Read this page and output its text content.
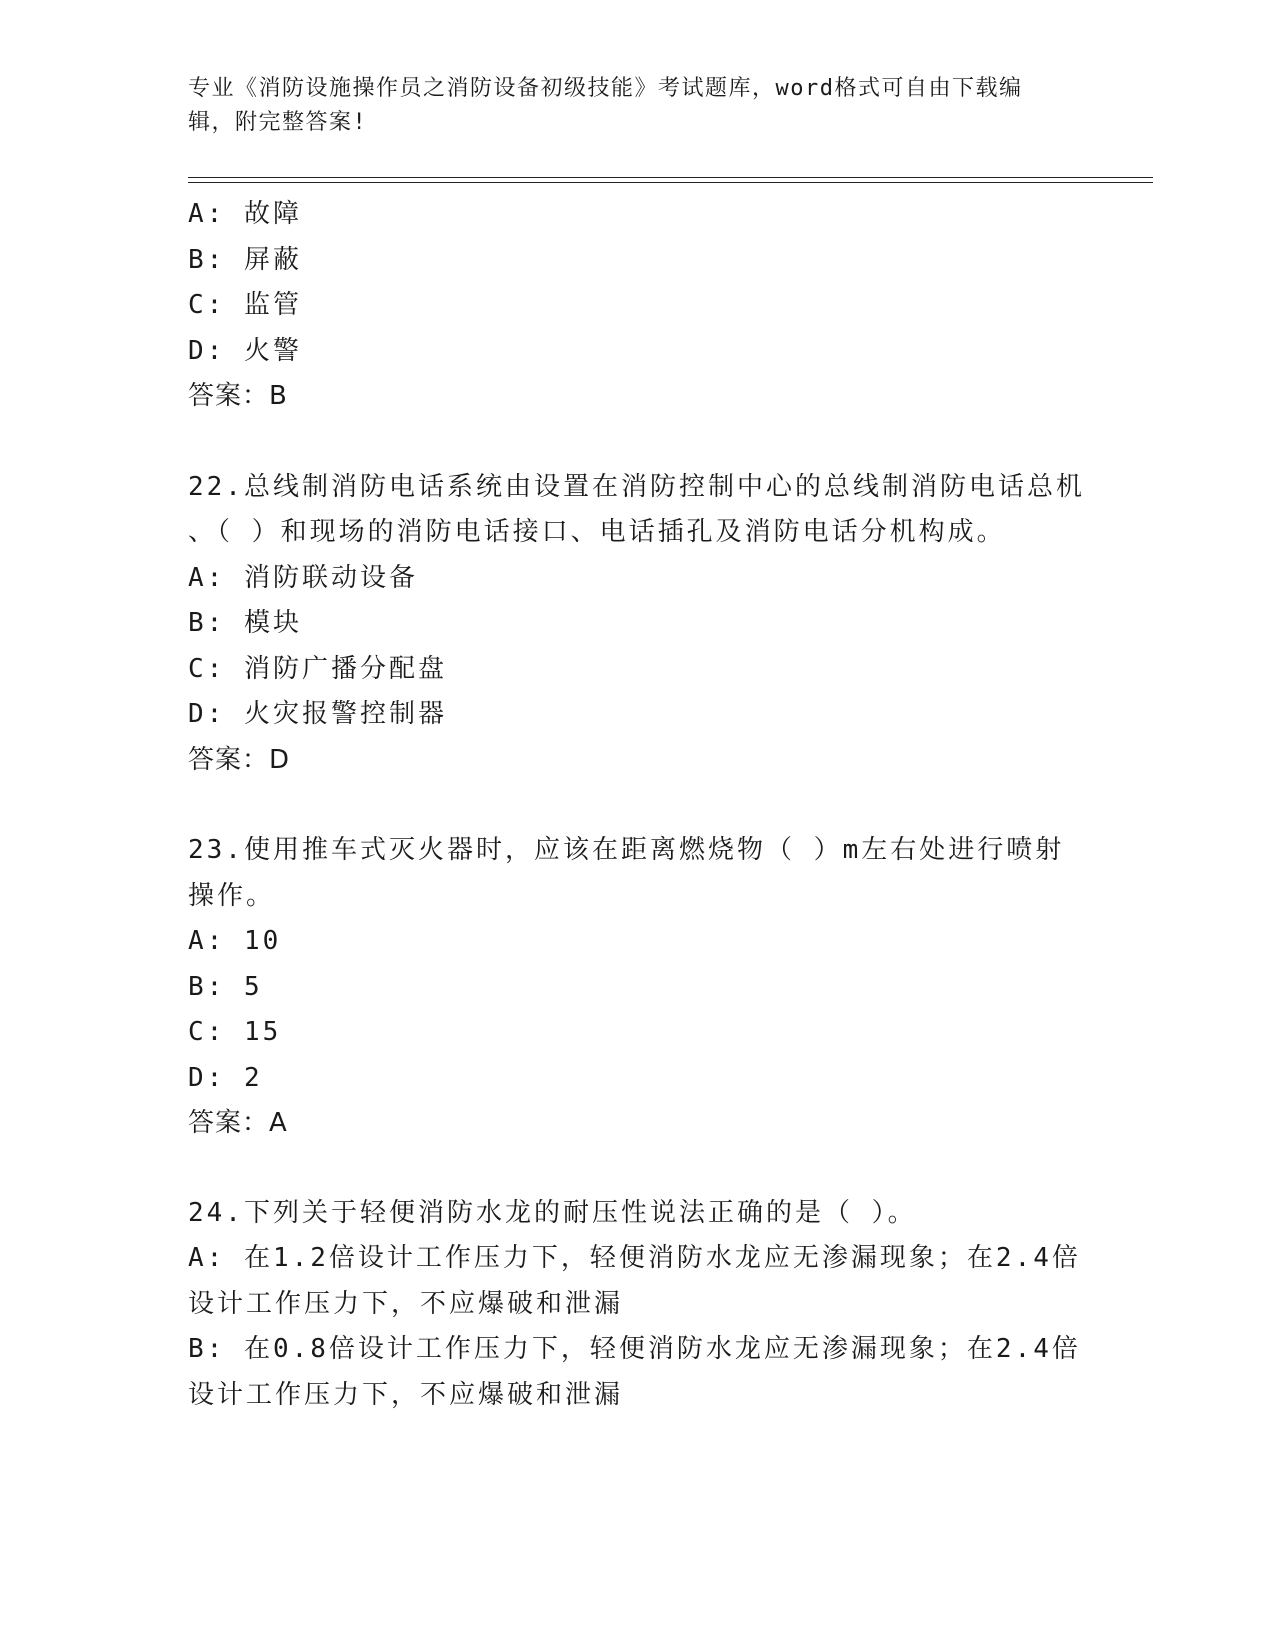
专业《消防设施操作员之消防设备初级技能》考试题库，word格式可自由下载编
辑，附完整答案!
A: 故障
B: 屏蔽
C: 监管
D: 火警
答案：B
22.总线制消防电话系统由设置在消防控制中心的总线制消防电话总机
、（ ）和现场的消防电话接口、电话插孔及消防电话分机构成。
A: 消防联动设备
B: 模块
C: 消防广播分配盘
D: 火灾报警控制器
答案：D
23.使用推车式灭火器时，应该在距离燃烧物（ ）m左右处进行喷射
操作。
A: 10
B: 5
C: 15
D: 2
答案：A
24.下列关于轻便消防水龙的耐压性说法正确的是（ ）。
A: 在1.2倍设计工作压力下，轻便消防水龙应无渗漏现象；在2.4倍
设计工作压力下，不应爆破和泄漏
B: 在0.8倍设计工作压力下，轻便消防水龙应无渗漏现象；在2.4倍
设计工作压力下，不应爆破和泄漏
